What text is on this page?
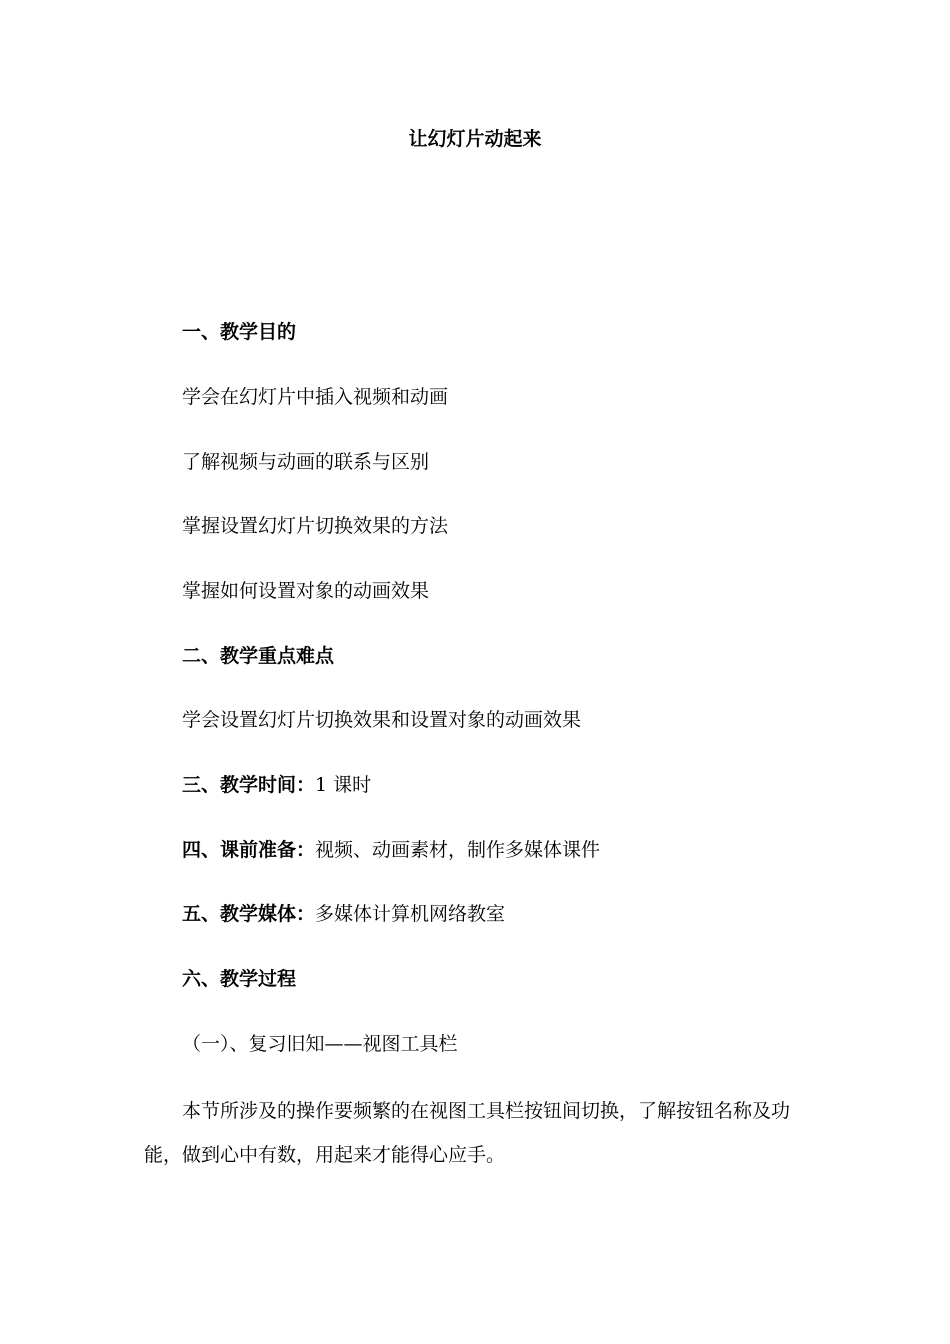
让幻灯片动起来
一、教学目的
学会在幻灯片中插入视频和动画
了解视频与动画的联系与区别
掌握设置幻灯片切换效果的方法
掌握如何设置对象的动画效果
二、教学重点难点
学会设置幻灯片切换效果和设置对象的动画效果
三、教学时间：1 课时
四、课前准备：视频、动画素材，制作多媒体课件
五、教学媒体：多媒体计算机网络教室
六、教学过程
（一）、复习旧知——视图工具栏
本节所涉及的操作要频繁的在视图工具栏按钮间切换，了解按钮名称及功
能，做到心中有数，用起来才能得心应手。
